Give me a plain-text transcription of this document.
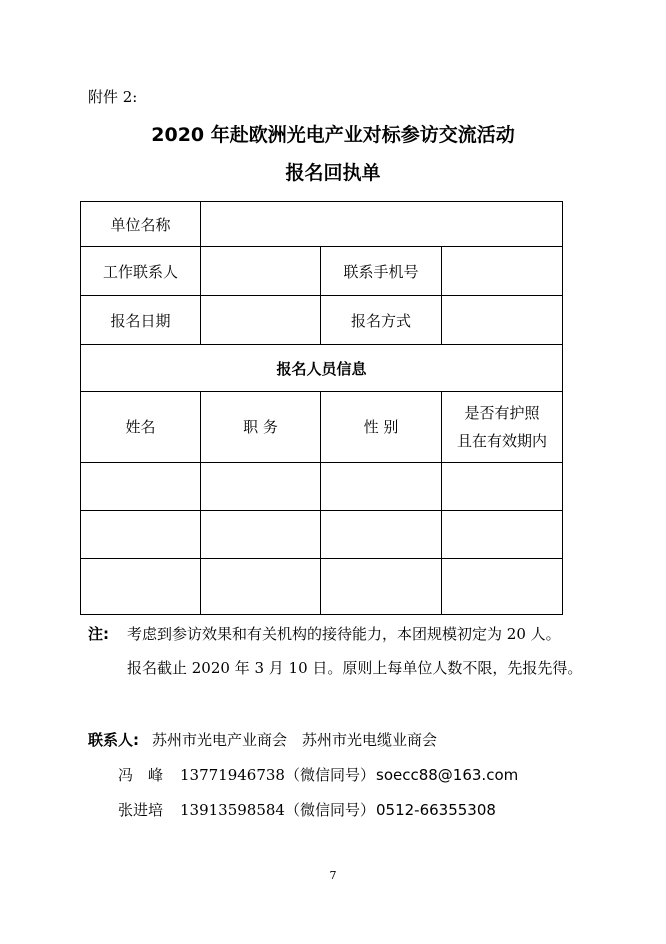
附件 2:
2020 年赴欧洲光电产业对标参访交流活动
报名回执单
单位名称			
工作联系人		联系手机号	
报名日期		报名方式	
报名人员信息			
姓名	职 务	性 别	是否有护照
且在有效期内

注: 考虑到参访效果和有关机构的接待能力，本团规模初定为 20 人。
报名截止 2020 年 3 月 10 日。原则上每单位人数不限，先报先得。
联系人: 苏州市光电产业商会　苏州市光电缆业商会
冯　峰 13771946738（微信同号）soecc88@163.com
张进培 13913598584（微信同号）0512-66355308
7
